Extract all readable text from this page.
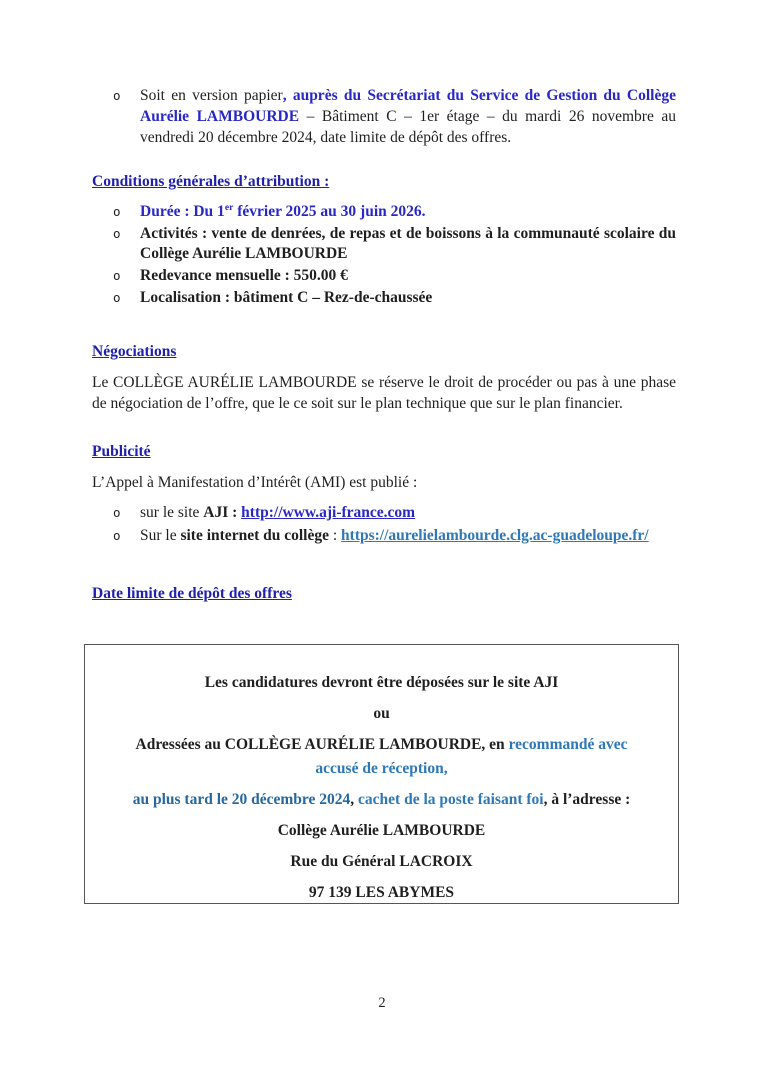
o	Soit en version papier, auprès du Secrétariat du Service de Gestion du Collège Aurélie LAMBOURDE – Bâtiment C – 1er étage – du mardi 26 novembre au vendredi 20 décembre 2024, date limite de dépôt des offres.
Conditions générales d’attribution :
o	Durée : Du 1er février 2025 au 30 juin 2026.
o	Activités : vente de denrées, de repas et de boissons à la communauté scolaire du Collège Aurélie LAMBOURDE
o	Redevance mensuelle : 550.00 €
o	Localisation : bâtiment C – Rez-de-chaussée
Négociations

Le COLLÈGE AURÉLIE LAMBOURDE se réserve le droit de procéder ou pas à une phase de négociation de l’offre, que le ce soit sur le plan technique que sur le plan financier.

Publicité

L’Appel à Manifestation d’Intérêt (AMI) est publié :

o	sur le site AJI : http://www.aji-france.com
o	Sur le site internet du collège : https://aurelielambourde.clg.ac-guadeloupe.fr/
Date limite de dépôt des offres

Les candidatures devront être déposées sur le site AJI

ou

Adressées au COLLÈGE AURÉLIE LAMBOURDE, en recommandé avec accusé de réception,

au plus tard le 20 décembre 2024, cachet de la poste faisant foi, à l’adresse :

Collège Aurélie LAMBOURDE

Rue du Général LACROIX

97 139 LES ABYMES

2
